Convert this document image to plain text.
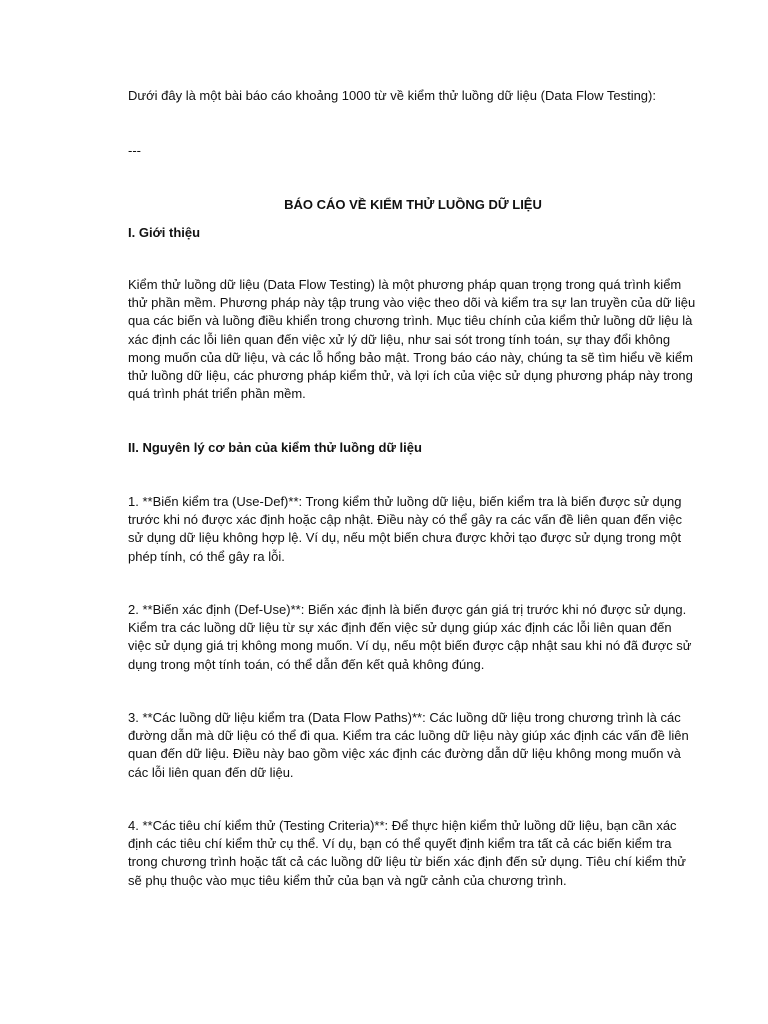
Dưới đây là một bài báo cáo khoảng 1000 từ về kiểm thử luồng dữ liệu (Data Flow Testing):

---

BÁO CÁO VỀ KIỂM THỬ LUỒNG DỮ LIỆU

I. Giới thiệu

Kiểm thử luồng dữ liệu (Data Flow Testing) là một phương pháp quan trọng trong quá trình kiểm thử phần mềm. Phương pháp này tập trung vào việc theo dõi và kiểm tra sự lan truyền của dữ liệu qua các biến và luồng điều khiển trong chương trình. Mục tiêu chính của kiểm thử luồng dữ liệu là xác định các lỗi liên quan đến việc xử lý dữ liệu, như sai sót trong tính toán, sự thay đổi không mong muốn của dữ liệu, và các lỗ hổng bảo mật. Trong báo cáo này, chúng ta sẽ tìm hiểu về kiểm thử luồng dữ liệu, các phương pháp kiểm thử, và lợi ích của việc sử dụng phương pháp này trong quá trình phát triển phần mềm.

II. Nguyên lý cơ bản của kiểm thử luồng dữ liệu

1. **Biến kiểm tra (Use-Def)**: Trong kiểm thử luồng dữ liệu, biến kiểm tra là biến được sử dụng trước khi nó được xác định hoặc cập nhật. Điều này có thể gây ra các vấn đề liên quan đến việc sử dụng dữ liệu không hợp lệ. Ví dụ, nếu một biến chưa được khởi tạo được sử dụng trong một phép tính, có thể gây ra lỗi.

2. **Biến xác định (Def-Use)**: Biến xác định là biến được gán giá trị trước khi nó được sử dụng. Kiểm tra các luồng dữ liệu từ sự xác định đến việc sử dụng giúp xác định các lỗi liên quan đến việc sử dụng giá trị không mong muốn. Ví dụ, nếu một biến được cập nhật sau khi nó đã được sử dụng trong một tính toán, có thể dẫn đến kết quả không đúng.

3. **Các luồng dữ liệu kiểm tra (Data Flow Paths)**: Các luồng dữ liệu trong chương trình là các đường dẫn mà dữ liệu có thể đi qua. Kiểm tra các luồng dữ liệu này giúp xác định các vấn đề liên quan đến dữ liệu. Điều này bao gồm việc xác định các đường dẫn dữ liệu không mong muốn và các lỗi liên quan đến dữ liệu.

4. **Các tiêu chí kiểm thử (Testing Criteria)**: Để thực hiện kiểm thử luồng dữ liệu, bạn cần xác định các tiêu chí kiểm thử cụ thể. Ví dụ, bạn có thể quyết định kiểm tra tất cả các biến kiểm tra trong chương trình hoặc tất cả các luồng dữ liệu từ biến xác định đến sử dụng. Tiêu chí kiểm thử sẽ phụ thuộc vào mục tiêu kiểm thử của bạn và ngữ cảnh của chương trình.
